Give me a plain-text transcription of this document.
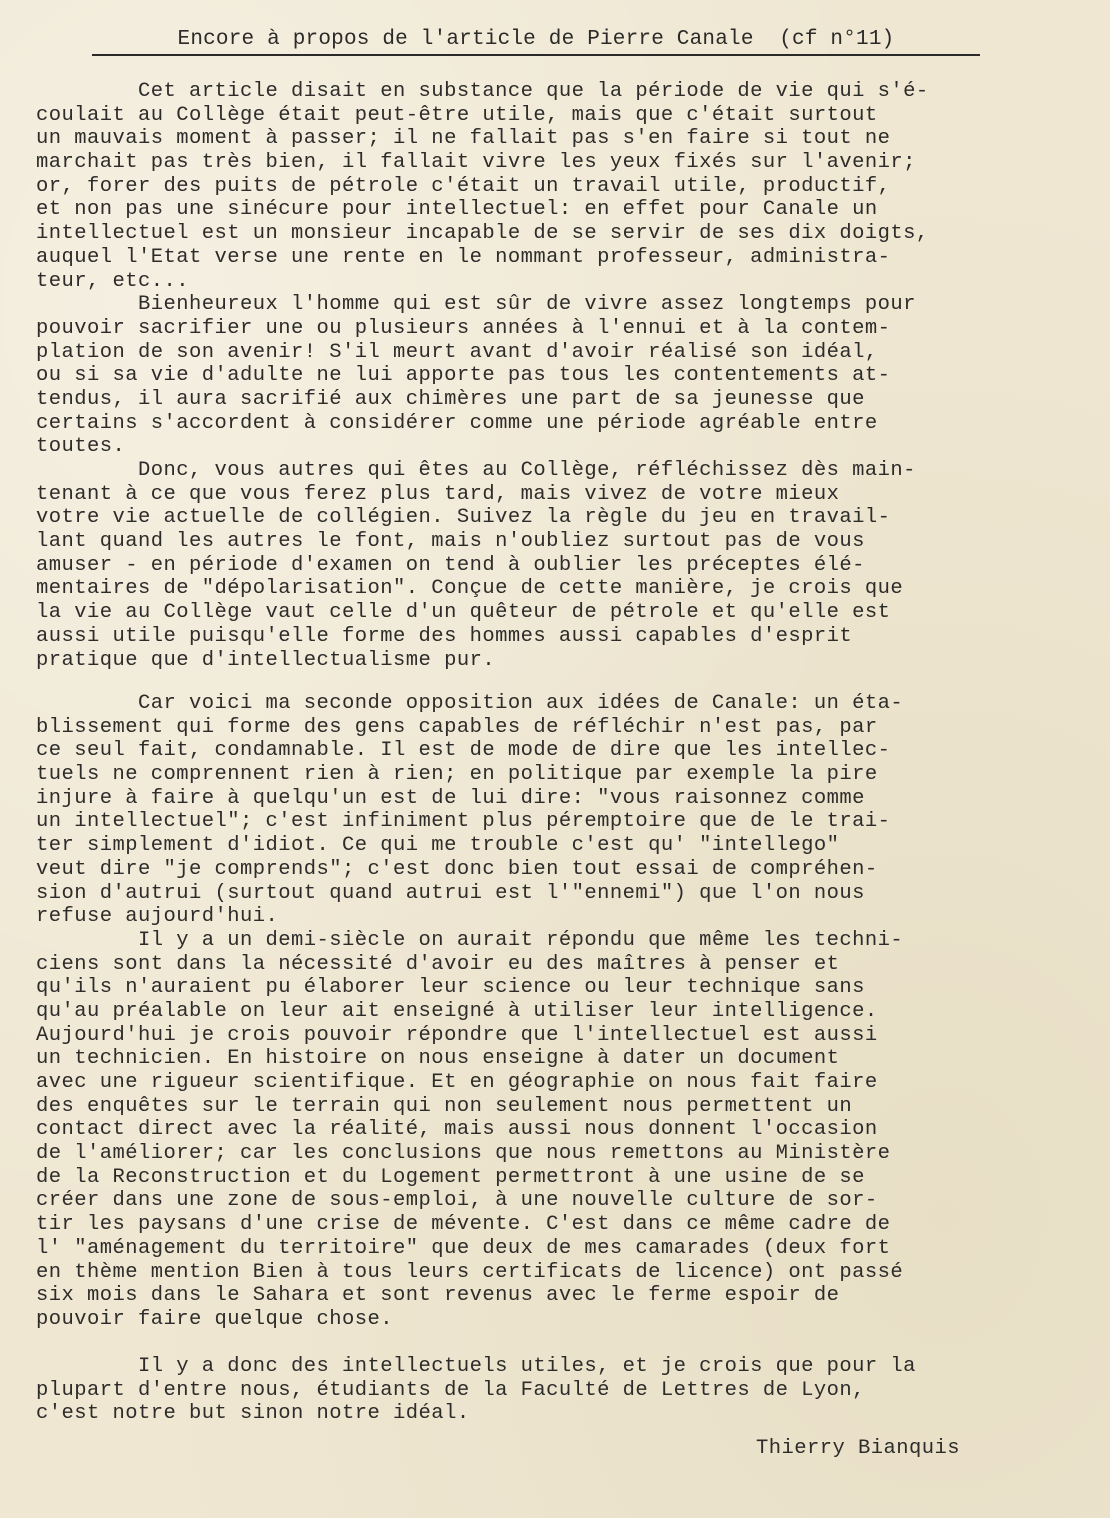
Encore à propos de l'article de Pierre Canale  (cf n°11)
Cet article disait en substance que la période de vie qui s'é-
coulait au Collège était peut-être utile, mais que c'était surtout
un mauvais moment à passer; il ne fallait pas s'en faire si tout ne
marchait pas très bien, il fallait vivre les yeux fixés sur l'avenir;
or, forer des puits de pétrole c'était un travail utile, productif,
et non pas une sinécure pour intellectuel: en effet pour Canale un
intellectuel est un monsieur incapable de se servir de ses dix doigts,
auquel l'Etat verse une rente en le nommant professeur, administra-
teur, etc...
Bienheureux l'homme qui est sûr de vivre assez longtemps pour
pouvoir sacrifier une ou plusieurs années à l'ennui et à la contem-
plation de son avenir! S'il meurt avant d'avoir réalisé son idéal,
ou si sa vie d'adulte ne lui apporte pas tous les contentements at-
tendus, il aura sacrifié aux chimères une part de sa jeunesse que
certains s'accordent à considérer comme une période agréable entre
toutes.
Donc, vous autres qui êtes au Collège, réfléchissez dès main-
tenant à ce que vous ferez plus tard, mais vivez de votre mieux
votre vie actuelle de collégien. Suivez la règle du jeu en travail-
lant quand les autres le font, mais n'oubliez surtout pas de vous
amuser - en période d'examen on tend à oublier les préceptes élé-
mentaires de "dépolarisation". Conçue de cette manière, je crois que
la vie au Collège vaut celle d'un quêteur de pétrole et qu'elle est
aussi utile puisqu'elle forme des hommes aussi capables d'esprit
pratique que d'intellectualisme pur.
Car voici ma seconde opposition aux idées de Canale: un éta-
blissement qui forme des gens capables de réfléchir n'est pas, par
ce seul fait, condamnable. Il est de mode de dire que les intellec-
tuels ne comprennent rien à rien; en politique par exemple la pire
injure à faire à quelqu'un est de lui dire: "vous raisonnez comme
un intellectuel"; c'est infiniment plus péremptoire que de le trai-
ter simplement d'idiot. Ce qui me trouble c'est qu' "intellego"
veut dire "je comprends"; c'est donc bien tout essai de compréhen-
sion d'autrui (surtout quand autrui est l'"ennemi") que l'on nous
refuse aujourd'hui.
Il y a un demi-siècle on aurait répondu que même les techni-
ciens sont dans la nécessité d'avoir eu des maîtres à penser et
qu'ils n'auraient pu élaborer leur science ou leur technique sans
qu'au préalable on leur ait enseigné à utiliser leur intelligence.
Aujourd'hui je crois pouvoir répondre que l'intellectuel est aussi
un technicien. En histoire on nous enseigne à dater un document
avec une rigueur scientifique. Et en géographie on nous fait faire
des enquêtes sur le terrain qui non seulement nous permettent un
contact direct avec la réalité, mais aussi nous donnent l'occasion
de l'améliorer; car les conclusions que nous remettons au Ministère
de la Reconstruction et du Logement permettront à une usine de se
créer dans une zone de sous-emploi, à une nouvelle culture de sor-
tir les paysans d'une crise de mévente. C'est dans ce même cadre de
l' "aménagement du territoire" que deux de mes camarades (deux fort
en thème mention Bien à tous leurs certificats de licence) ont passé
six mois dans le Sahara et sont revenus avec le ferme espoir de
pouvoir faire quelque chose.
Il y a donc des intellectuels utiles, et je crois que pour la
plupart d'entre nous, étudiants de la Faculté de Lettres de Lyon,
c'est notre but sinon notre idéal.
Thierry Bianquis
